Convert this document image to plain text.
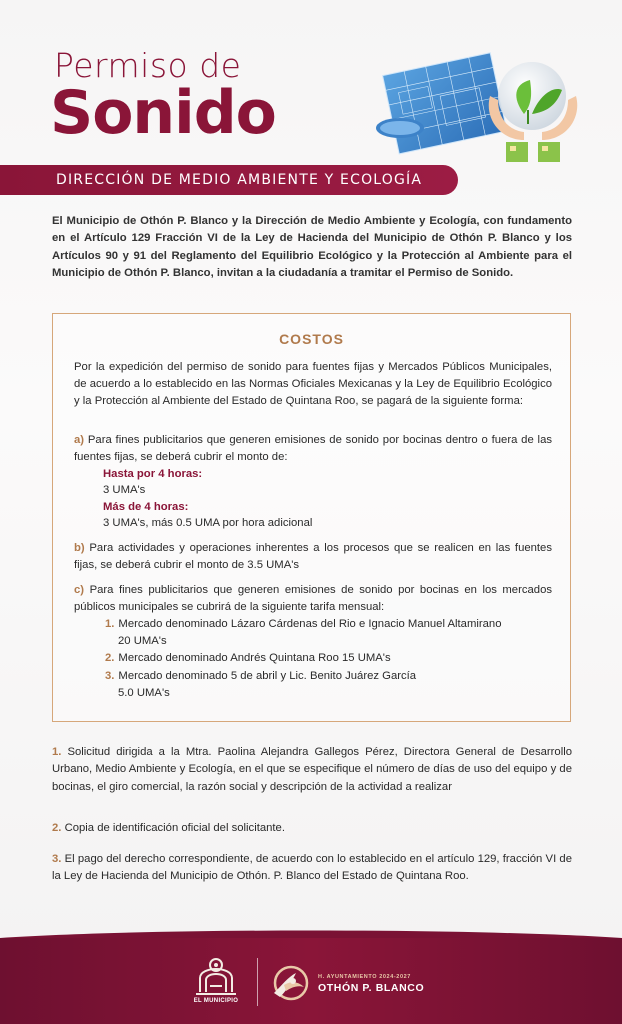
Permiso de
Sonido
DIRECCIÓN DE MEDIO AMBIENTE Y ECOLOGÍA

El Municipio de Othón P. Blanco y la Dirección de Medio Ambiente y Ecología, con fundamento en el Artículo 129 Fracción VI de la Ley de Hacienda del Municipio de Othón P. Blanco y los Artículos 90 y 91 del Reglamento del Equilibrio Ecológico y la Protección al Ambiente para el Municipio de Othón P. Blanco, invitan a la ciudadanía a tramitar el Permiso de Sonido.

COSTOS

Por la expedición del permiso de sonido para fuentes fijas y Mercados Públicos Municipales, de acuerdo a lo establecido en las Normas Oficiales Mexicanas y la Ley de Equilibrio Ecológico y la Protección al Ambiente del Estado de Quintana Roo, se pagará de la siguiente forma:

a) Para fines publicitarios que generen emisiones de sonido por bocinas dentro o fuera de las fuentes fijas, se deberá cubrir el monto de:

Hasta por 4 horas:
3 UMA's
Más de 4 horas:
3 UMA's, más 0.5 UMA por hora adicional

b) Para actividades y operaciones inherentes a los procesos que se realicen en las fuentes fijas, se deberá cubrir el monto de 3.5 UMA's

c) Para fines publicitarios que generen emisiones de sonido por bocinas en los mercados públicos municipales se cubrirá de la siguiente tarifa mensual:

1. Mercado denominado Lázaro Cárdenas del Rio e Ignacio Manuel Altamirano
20 UMA's
2. Mercado denominado Andrés Quintana Roo 15 UMA's
3. Mercado denominado 5 de abril y Lic. Benito Juárez García
5.0 UMA's

1. Solicitud dirigida a la Mtra. Paolina Alejandra Gallegos Pérez, Directora General de Desarrollo Urbano, Medio Ambiente y Ecología, en el que se especifique el número de días de uso del equipo y de bocinas, el giro comercial, la razón social y descripción de la actividad a realizar

2. Copia de identificación oficial del solicitante.

3. El pago del derecho correspondiente, de acuerdo con lo establecido en el artículo 129, fracción VI de la Ley de Hacienda del Municipio de Othón. P. Blanco del Estado de Quintana Roo.

EL MUNICIPIO
H. AYUNTAMIENTO 2024-2027
OTHÓN P. BLANCO
